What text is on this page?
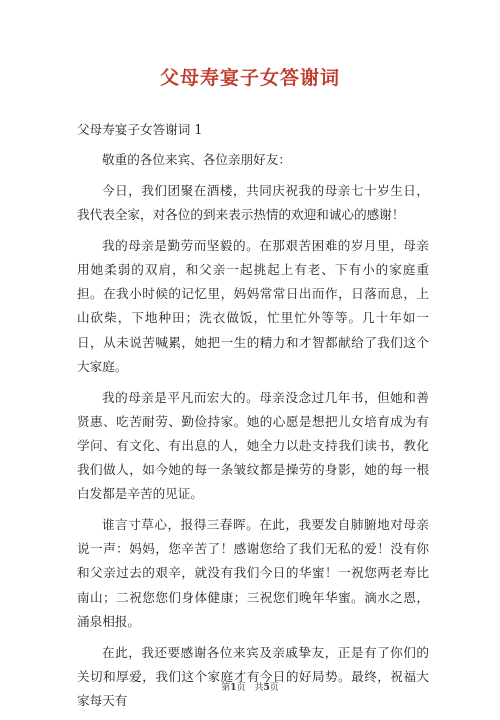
父母寿宴子女答谢词

父母寿宴子女答谢词 1

敬重的各位来宾、各位亲朋好友：

今日，我们团聚在酒楼，共同庆祝我的母亲七十岁生日，我代表全家，对各位的到来表示热情的欢迎和诚心的感谢！

我的母亲是勤劳而坚毅的。在那艰苦困难的岁月里，母亲用她柔弱的双肩，和父亲一起挑起上有老、下有小的家庭重担。在我小时候的记忆里，妈妈常常日出而作，日落而息，上山砍柴，下地种田；洗衣做饭，忙里忙外等等。几十年如一日，从未说苦喊累，她把一生的精力和才智都献给了我们这个大家庭。

我的母亲是平凡而宏大的。母亲没念过几年书，但她和善贤惠、吃苦耐劳、勤俭持家。她的心愿是想把儿女培育成为有学问、有文化、有出息的人，她全力以赴支持我们读书，教化我们做人，如今她的每一条皱纹都是操劳的身影，她的每一根白发都是辛苦的见证。

谁言寸草心，报得三春晖。在此，我要发自肺腑地对母亲说一声：妈妈，您辛苦了！感谢您给了我们无私的爱！没有你和父亲过去的艰辛，就没有我们今日的华蜜！一祝您两老寿比南山；二祝您您们身体健康；三祝您们晚年华蜜。滴水之恩，涌泉相报。

在此，我还要感谢各位来宾及亲戚挚友，正是有了你们的关切和厚爱，我们这个家庭才有今日的好局势。最终，祝福大家每天有

第1页　共5页
